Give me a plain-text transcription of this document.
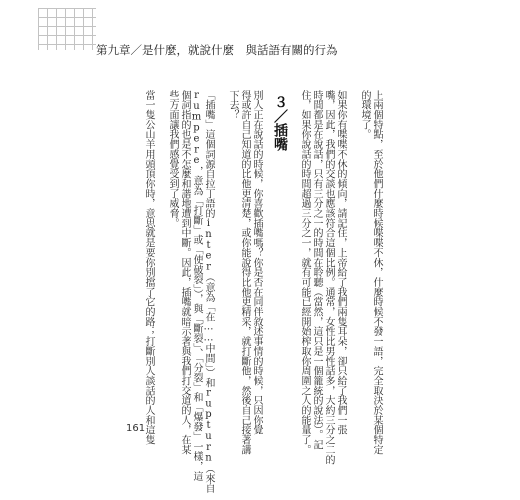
第九章／是什麼，就說什麼　與話語有關的行為
上兩個特點，至於他們什麼時候喋喋不休，什麼時候不發一語，完全取決於某個特定
的環境了。
如果你有喋喋不休的傾向，請記住，上帝給了我們兩隻耳朵，卻只給了我們一張
嘴，因此，我們的交談也應該符合這個比例。通常，女性比男性話多，大約三分之二的
時間都是在說話，只有三分之一的時間在聆聽（當然，這只是一個籠統的說法）。記
住，如果你說話的時間超過三分之一，就有可能已經開始榨取你周圍之人的能量了。
３／插嘴
別人正在說話的時候，你喜歡插嘴嗎？你是否在同伴敘述事情的時候，只因你覺
得或許自己知道的比他更清楚，或你能說得比他更精采，就打斷他，然後自己接著講
下去？
「插嘴」這個詞源自拉丁語的inter（意為「在……中間」）和rupturn（來自
rumpere，意為「打斷」或「使破裂」），與「斷裂」、「分裂」和「爆發」一樣，這
個詞指的也是不怎麼和諧地遭到中斷。因此，插嘴就暗示著與我們打交道的人，在某
些方面讓我們感覺受到了威脅。
當一隻公山羊用頭頂你時，意思就是要你別擋了它的路；打斷別人談話的人和這隻
161
